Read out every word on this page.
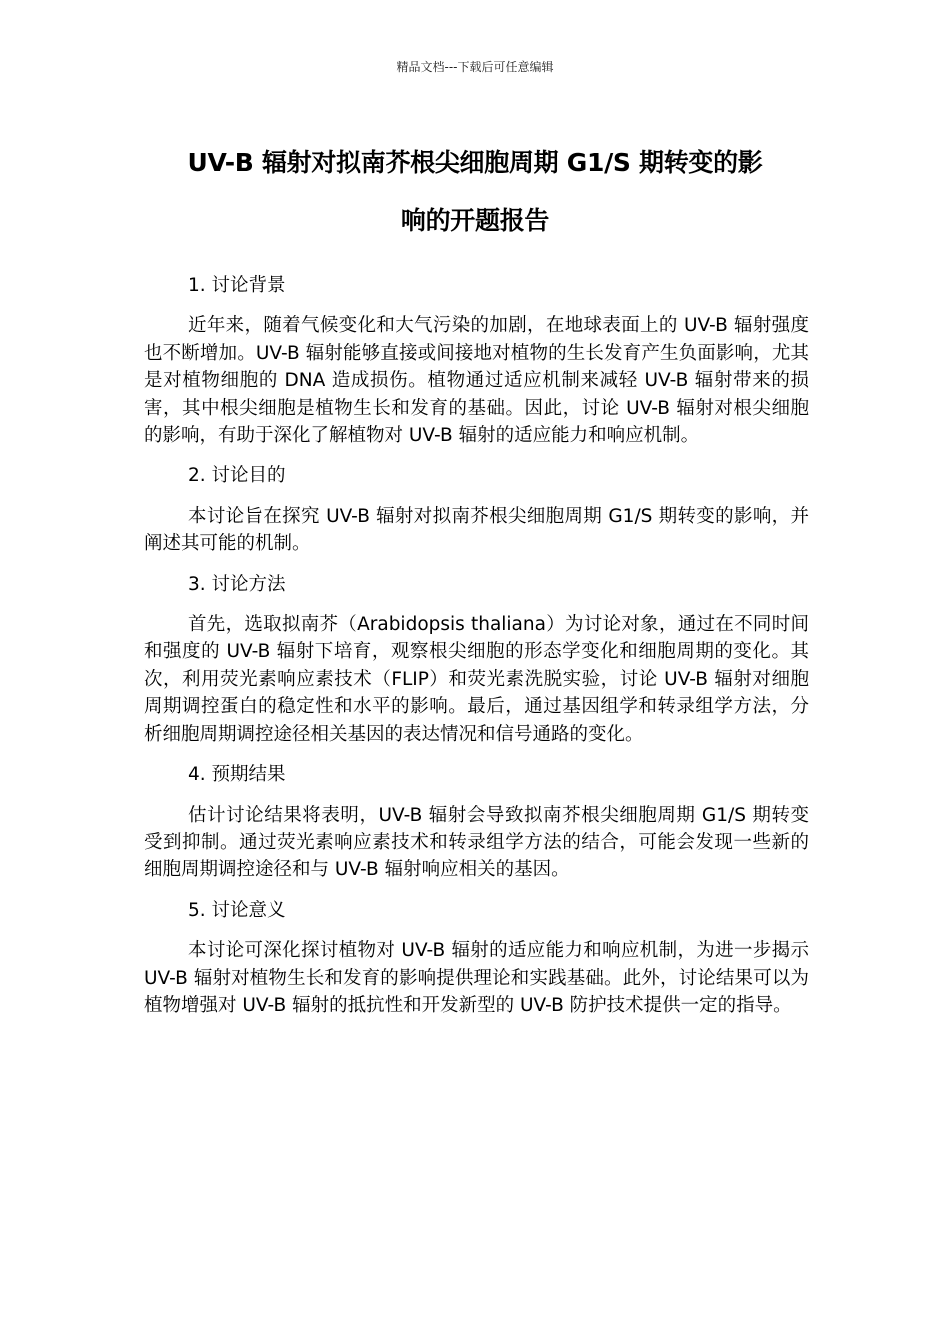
精品文档---下载后可任意编辑
UV-B 辐射对拟南芥根尖细胞周期 G1/S 期转变的影
响的开题报告

1. 讨论背景

近年来，随着气候变化和大气污染的加剧，在地球表面上的 UV-B 辐射强度也不断增加。UV-B 辐射能够直接或间接地对植物的生长发育产生负面影响，尤其是对植物细胞的 DNA 造成损伤。植物通过适应机制来减轻 UV-B 辐射带来的损害，其中根尖细胞是植物生长和发育的基础。因此，讨论 UV-B 辐射对根尖细胞的影响，有助于深化了解植物对 UV-B 辐射的适应能力和响应机制。

2. 讨论目的

本讨论旨在探究 UV-B 辐射对拟南芥根尖细胞周期 G1/S 期转变的影响，并阐述其可能的机制。

3. 讨论方法

首先，选取拟南芥（Arabidopsis thaliana）为讨论对象，通过在不同时间和强度的 UV-B 辐射下培育，观察根尖细胞的形态学变化和细胞周期的变化。其次，利用荧光素响应素技术（FLIP）和荧光素洗脱实验，讨论 UV-B 辐射对细胞周期调控蛋白的稳定性和水平的影响。最后，通过基因组学和转录组学方法，分析细胞周期调控途径相关基因的表达情况和信号通路的变化。

4. 预期结果

估计讨论结果将表明，UV-B 辐射会导致拟南芥根尖细胞周期 G1/S 期转变受到抑制。通过荧光素响应素技术和转录组学方法的结合，可能会发现一些新的细胞周期调控途径和与 UV-B 辐射响应相关的基因。

5. 讨论意义

本讨论可深化探讨植物对 UV-B 辐射的适应能力和响应机制，为进一步揭示 UV-B 辐射对植物生长和发育的影响提供理论和实践基础。此外，讨论结果可以为植物增强对 UV-B 辐射的抵抗性和开发新型的 UV-B 防护技术提供一定的指导。
